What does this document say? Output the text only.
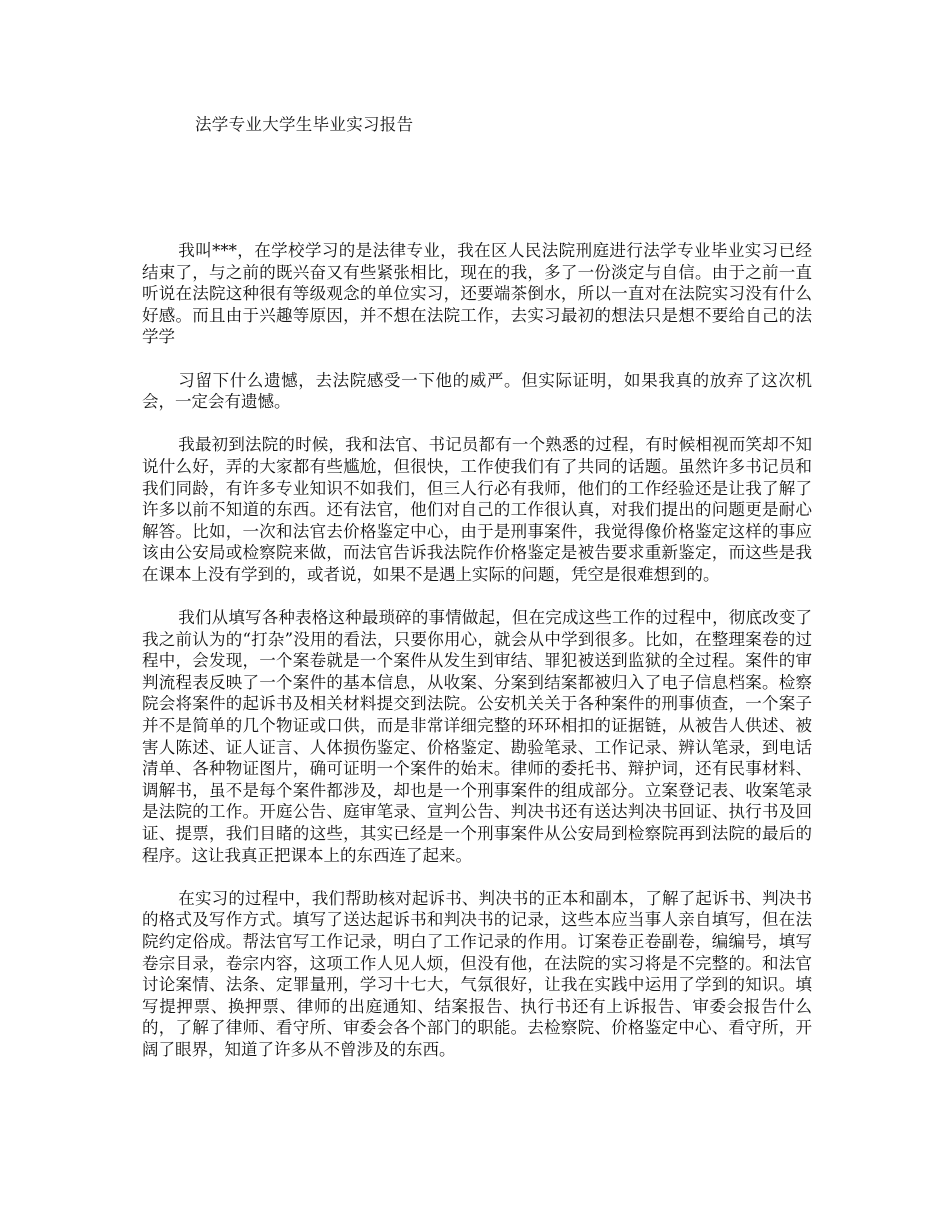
法学专业大学生毕业实习报告

我叫***，在学校学习的是法律专业，我在区人民法院刑庭进行法学专业毕业实习已经结束了，与之前的既兴奋又有些紧张相比，现在的我，多了一份淡定与自信。由于之前一直听说在法院这种很有等级观念的单位实习，还要端茶倒水，所以一直对在法院实习没有什么好感。而且由于兴趣等原因，并不想在法院工作，去实习最初的想法只是想不要给自己的法学学

习留下什么遗憾，去法院感受一下他的威严。但实际证明，如果我真的放弃了这次机会，一定会有遗憾。

我最初到法院的时候，我和法官、书记员都有一个熟悉的过程，有时候相视而笑却不知说什么好，弄的大家都有些尴尬，但很快，工作使我们有了共同的话题。虽然许多书记员和我们同龄，有许多专业知识不如我们，但三人行必有我师，他们的工作经验还是让我了解了许多以前不知道的东西。还有法官，他们对自己的工作很认真，对我们提出的问题更是耐心解答。比如，一次和法官去价格鉴定中心，由于是刑事案件，我觉得像价格鉴定这样的事应该由公安局或检察院来做，而法官告诉我法院作价格鉴定是被告要求重新鉴定，而这些是我在课本上没有学到的，或者说，如果不是遇上实际的问题，凭空是很难想到的。

我们从填写各种表格这种最琐碎的事情做起，但在完成这些工作的过程中，彻底改变了我之前认为的“打杂”没用的看法，只要你用心，就会从中学到很多。比如，在整理案卷的过程中，会发现，一个案卷就是一个案件从发生到审结、罪犯被送到监狱的全过程。案件的审判流程表反映了一个案件的基本信息，从收案、分案到结案都被归入了电子信息档案。检察院会将案件的起诉书及相关材料提交到法院。公安机关关于各种案件的刑事侦查，一个案子并不是简单的几个物证或口供，而是非常详细完整的环环相扣的证据链，从被告人供述、被害人陈述、证人证言、人体损伤鉴定、价格鉴定、勘验笔录、工作记录、辨认笔录，到电话清单、各种物证图片，确可证明一个案件的始末。律师的委托书、辩护词，还有民事材料、调解书，虽不是每个案件都涉及，却也是一个刑事案件的组成部分。立案登记表、收案笔录是法院的工作。开庭公告、庭审笔录、宣判公告、判决书还有送达判决书回证、执行书及回证、提票，我们目睹的这些，其实已经是一个刑事案件从公安局到检察院再到法院的最后的程序。这让我真正把课本上的东西连了起来。

在实习的过程中，我们帮助核对起诉书、判决书的正本和副本，了解了起诉书、判决书的格式及写作方式。填写了送达起诉书和判决书的记录，这些本应当事人亲自填写，但在法院约定俗成。帮法官写工作记录，明白了工作记录的作用。订案卷正卷副卷，编编号，填写卷宗目录，卷宗内容，这项工作人见人烦，但没有他，在法院的实习将是不完整的。和法官讨论案情、法条、定罪量刑，学习十七大，气氛很好，让我在实践中运用了学到的知识。填写提押票、换押票、律师的出庭通知、结案报告、执行书还有上诉报告、审委会报告什么的，了解了律师、看守所、审委会各个部门的职能。去检察院、价格鉴定中心、看守所，开阔了眼界，知道了许多从不曾涉及的东西。
